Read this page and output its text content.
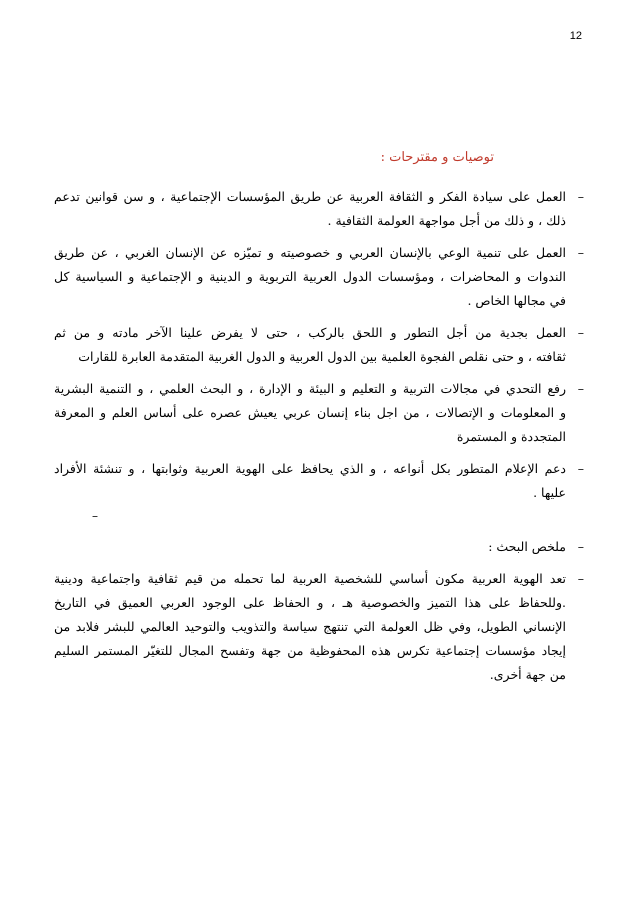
12
توصيات و مقترحات :
–
العمل على سيادة الفكر و الثقافة العربية عن طريق المؤسسات الإجتماعية ، و سن قوانين تدعم
ذلك ، و ذلك من أجل مواجهة العولمة الثقافية .
–
العمل على تنمية الوعي بالإنسان العربي و خصوصيته و تميّزه عن الإنسان الغربي ، عن طريق
الندوات و المحاضرات ، ومؤسسات الدول العربية التربوية و الدينية و الإجتماعية و السياسية كل
في مجالها الخاص .
–
العمل بجدية من أجل التطور و اللحق بالركب ، حتى لا يفرض علينا الآخر مادته و من ثم
ثقافته ، و حتى نقلص الفجوة العلمية بين الدول العربية و الدول الغربية المتقدمة العابرة للقارات
–
رفع التحدي في مجالات التربية و التعليم و البيئة و الإدارة ، و البحث العلمي ، و التنمية البشرية
و المعلومات و الإتصالات ، من اجل بناء إنسان عربي يعيش عصره على أساس العلم و المعرفة
المتجددة و المستمرة
–
دعم الإعلام المتطور بكل أنواعه ، و الذي يحافظ على الهوية العربية وثوابتها ، و تنشئة الأفراد
عليها .
–
–
ملخص البحث :
–
تعد الهوية العربية مكون أساسي للشخصية العربية لما تحمله من قيم ثقافية واجتماعية ودينية
.وللحفاظ على هذا التميز والخصوصية هـ ، و الحفاظ على الوجود العربي العميق في التاريخ
الإنساني الطويل، وفي ظل العولمة التي تنتهج سياسة والتذويب والتوحيد العالمي للبشر فلابد من
إيجاد مؤسسات إجتماعية تكرس هذه المحفوظية من جهة وتفسح المجال للتغيّر المستمر السليم
من جهة أخرى.
